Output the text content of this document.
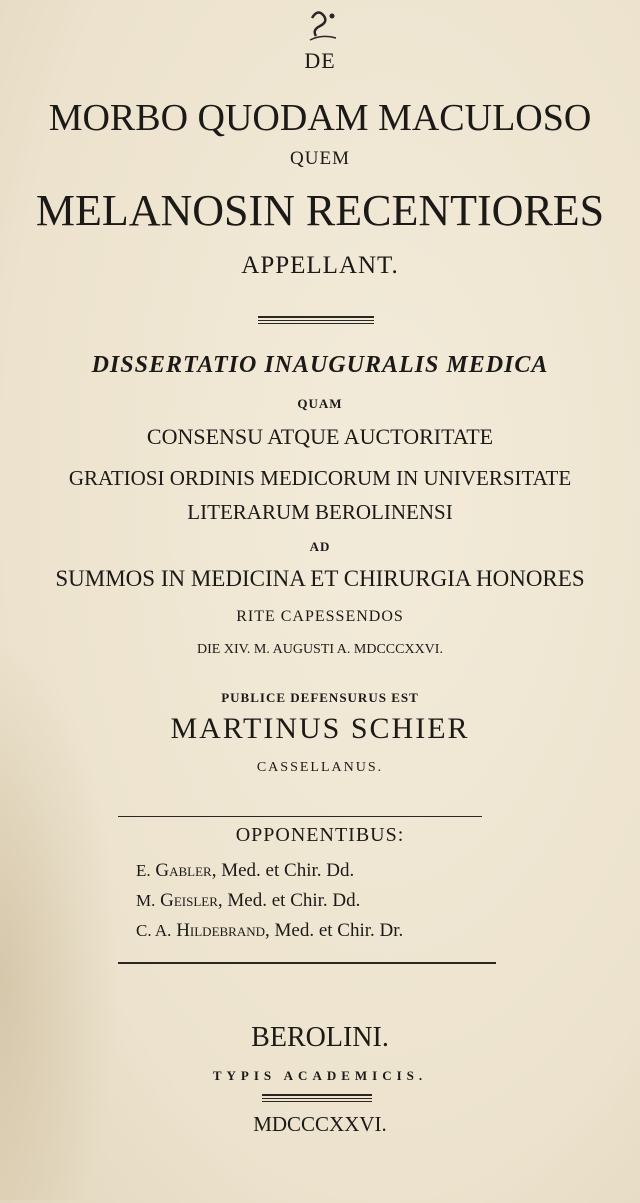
DE
MORBO QUODAM MACULOSO
QUEM
MELANOSIN RECENTIORES
APPELLANT.
DISSERTATIO INAUGURALIS MEDICA
QUAM
CONSENSU ATQUE AUCTORITATE
GRATIOSI ORDINIS MEDICORUM IN UNIVERSITATE
LITERARUM BEROLINENSI
AD
SUMMOS IN MEDICINA ET CHIRURGIA HONORES
RITE CAPESSENDOS
DIE XIV. M. AUGUSTI A. MDCCCXXVI.
PUBLICE DEFENSURUS EST
MARTINUS SCHIER
CASSELLANUS.
OPPONENTIBUS:
E. Gabler, Med. et Chir. Dd.
M. Geisler, Med. et Chir. Dd.
C. A. Hildebrand, Med. et Chir. Dr.
BEROLINI.
TYPIS ACADEMICIS.
MDCCCXXVI.
